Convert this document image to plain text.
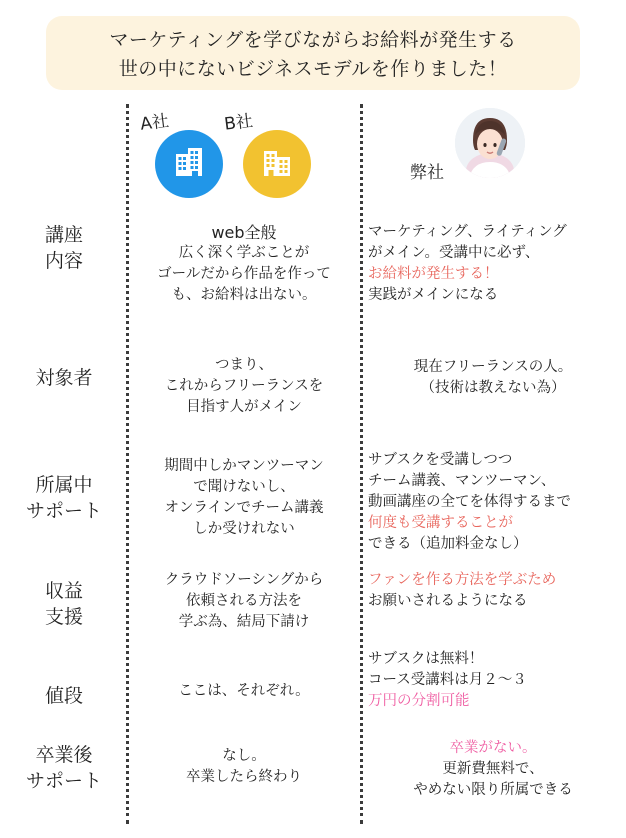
マーケティングを学びながらお給料が発生する
世の中にないビジネスモデルを作りました！
A社	B社
弊社
講座
内容
web全般
広く深く学ぶことが
ゴールだから作品を作って
も、お給料は出ない。
マーケティング、ライティング
がメイン。受講中に必ず、
お給料が発生する！
実践がメインになる
対象者
つまり、
これからフリーランスを
目指す人がメイン
現在フリーランスの人。
（技術は教えない為）
所属中
サポート
期間中しかマンツーマン
で聞けないし、
オンラインでチーム講義
しか受けれない
サブスクを受講しつつ
チーム講義、マンツーマン、
動画講座の全てを体得するまで
何度も受講することが
できる（追加料金なし）
収益
支援
クラウドソーシングから
依頼される方法を
学ぶ為、結局下請け
ファンを作る方法を学ぶため
お願いされるようになる
値段	ここは、それぞれ。
サブスクは無料！
コース受講料は月２〜３
万円の分割可能
卒業後
サポート
なし。
卒業したら終わり
卒業がない。
更新費無料で、
やめない限り所属できる
